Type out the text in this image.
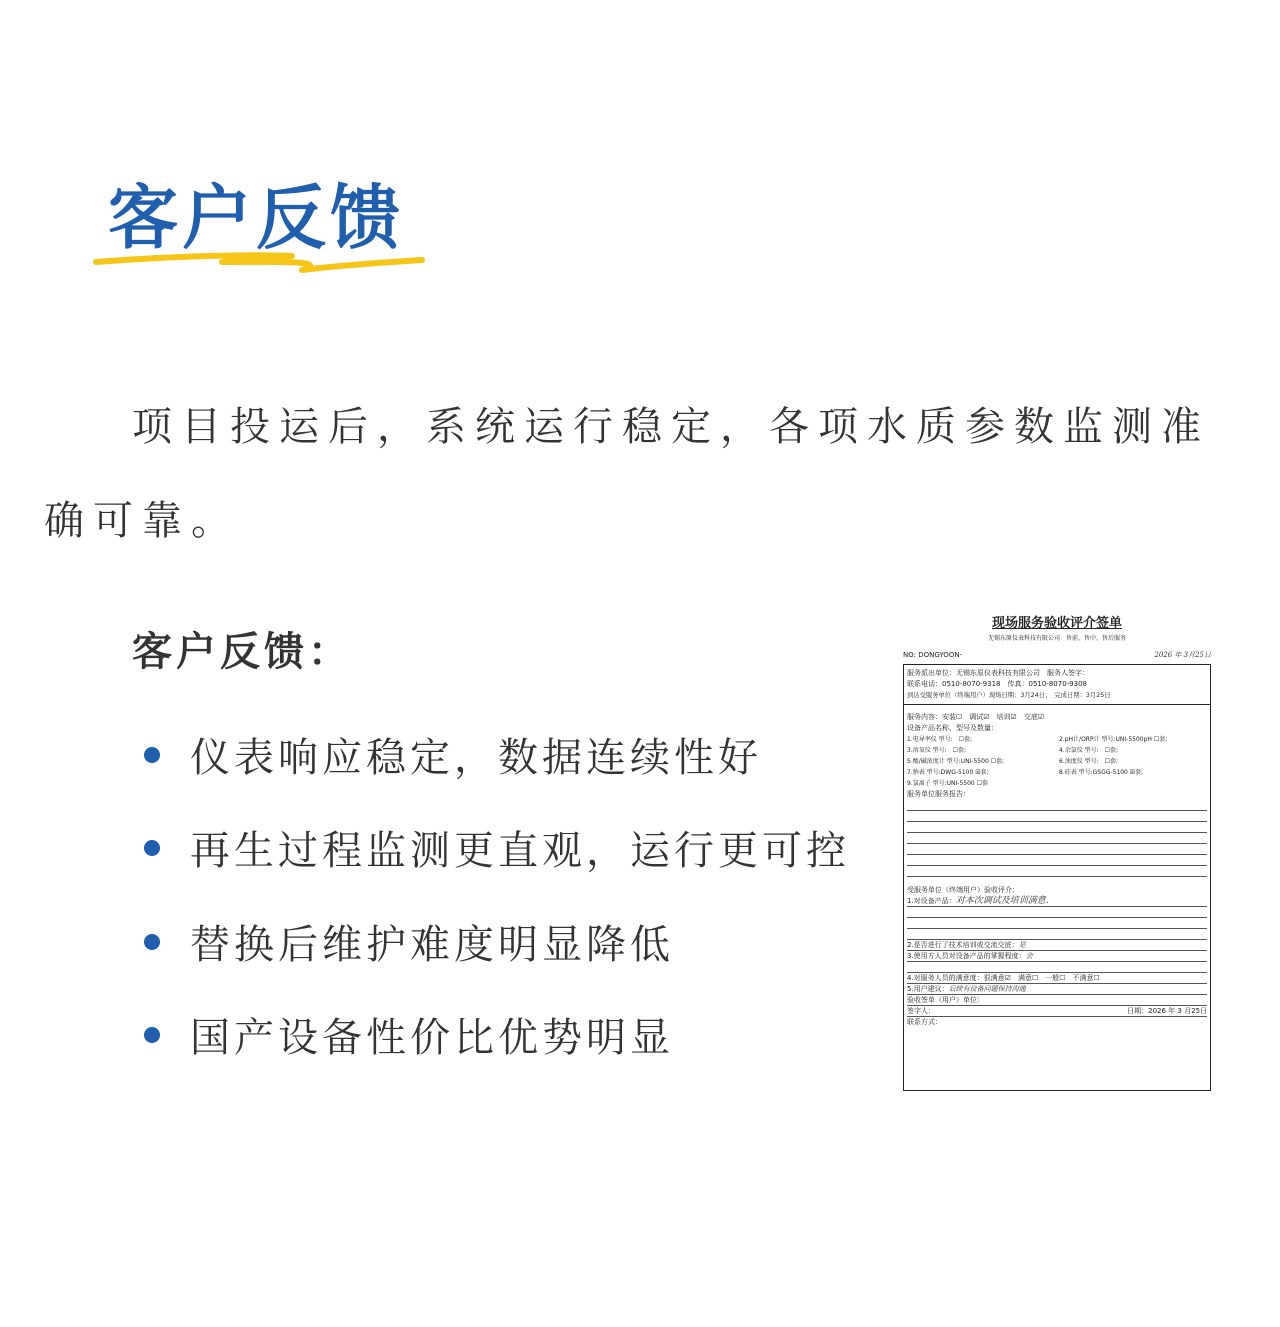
客户反馈
项目投运后，系统运行稳定，各项水质参数监测准确可靠。
客户反馈：
仪表响应稳定，数据连续性好
再生过程监测更直观，运行更可控
替换后维护难度明显降低
国产设备性价比优势明显
现场服务验收评介签单
无锡东原仪表科技有限公司　售前、售中、售后服务
NO: DONGYOON-	2026 年 3月25日
服务派出单位：无锡东原仪表科技有限公司　服务人签字：
联系电话：0510-8070-9318　传真：0510-8070-9308
到达受服务单位（终端用户）现场日期：3月24日；　完成日期：3月25日
服务内容：安装☐　调试☑　培训☑　交底☑
设备产品名称、型号及数量：
1.电导率仪 型号:　☐套;	2.pH计/ORP计 型号:UNI-5500pH ☐套;
3.溶氧仪 型号:　☐套;	4.余氯仪 型号:　☐套;
5.酸/碱浓度计 型号:UNI-5500 ☐套;	6.浊度仪 型号:　☐套;
7.钠表 型号:DWG-5100 ☒套;	8.硅表 型号:GSGG-5100 ☒套;
9.氯离子 型号:UNI-5500 ☐套
服务单位服务报告：
受服务单位（终端用户）验收评介：
1.对设备产品：对本次调试及培训满意.
2.是否进行了技术培训或交流交底：是
3.使用方人员对设备产品的掌握程度：会
4.对服务人员的满意度：很满意☑　满意☐　一般☐　不满意☐
5.用户建议：后续有设备问题保持沟通
验收签单（用户）单位：
签字人：	日期：2026 年 3 月25日
联系方式：
